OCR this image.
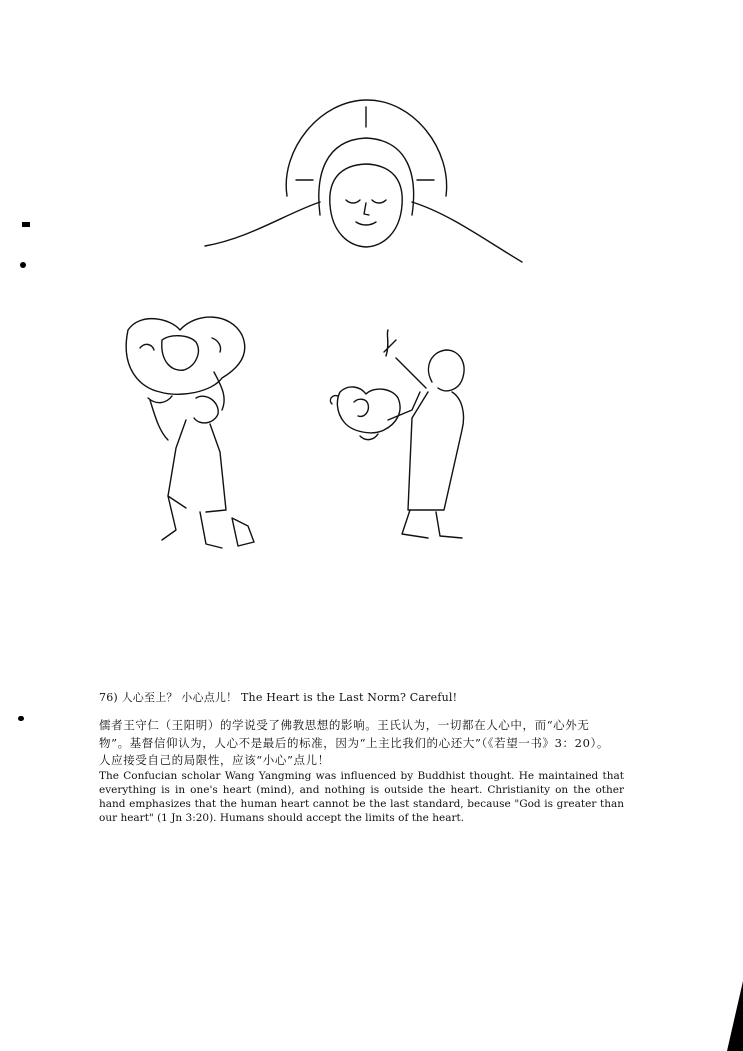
76) 人心至上？ 小心点儿！ The Heart is the Last Norm? Careful!
儒者王守仁（王阳明）的学说受了佛教思想的影响。王氏认为，一切都在人心中，而“心外无物”。基督信仰认为，人心不是最后的标准，因为“上主比我们的心还大”（《若望一书》3：20）。人应接受自己的局限性，应该“小心”点儿！
The Confucian scholar Wang Yangming was influenced by Buddhist thought. He maintained that everything is in one's heart (mind), and nothing is outside the heart. Christianity on the other hand emphasizes that the human heart cannot be the last standard, because "God is greater than our heart" (1 Jn 3:20). Humans should accept the limits of the heart.
